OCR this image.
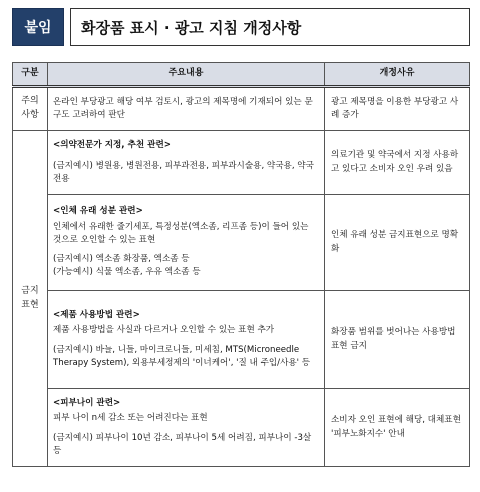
붙임	화장품 표시 · 광고 지침 개정사항
구분	주요내용	개정사유

주의
사항	온라인 부당광고 해당 여부 검토시, 광고의 제목명에 기재되어 있는 문구도 고려하여 판단	광고 제목명을 이용한 부당광고 사례 증가

금지
표현	<의약전문가 지정, 추천 관련>
(금지예시) 병원용, 병원전용, 피부과전용, 피부과시술용, 약국용, 약국전용	의료기관 및 약국에서 지정 사용하고 있다고 소비자 오인 우려 있음

	<인체 유래 성분 관련>
인체에서 유래한 줄기세포, 특정성분(엑소좀, 리프좀 등)이 들어 있는 것으로 오인할 수 있는 표현
(금지예시) 엑소좀 화장품, 엑소좀 등
(가능예시) 식물 엑소좀, 우유 엑소좀 등	인체 유래 성분 금지표현으로 명확화

	<제품 사용방법 관련>
제품 사용방법을 사실과 다르거나 오인할 수 있는 표현 추가
(금지예시) 바늘, 니들, 마이크로니들, 미세침, MTS(Microneedle Therapy System), 외용부세정제의 '이너케어', '질 내 주입/사용' 등	화장품 범위를 벗어나는 사용방법 표현 금지

	<피부나이 관련>
피부 나이 n세 감소 또는 어려진다는 표현
(금지예시) 피부나이 10년 감소, 피부나이 5세 어려짐, 피부나이 -3살 등	소비자 오인 표현에 해당, 대체표현 '피부노화지수' 안내
